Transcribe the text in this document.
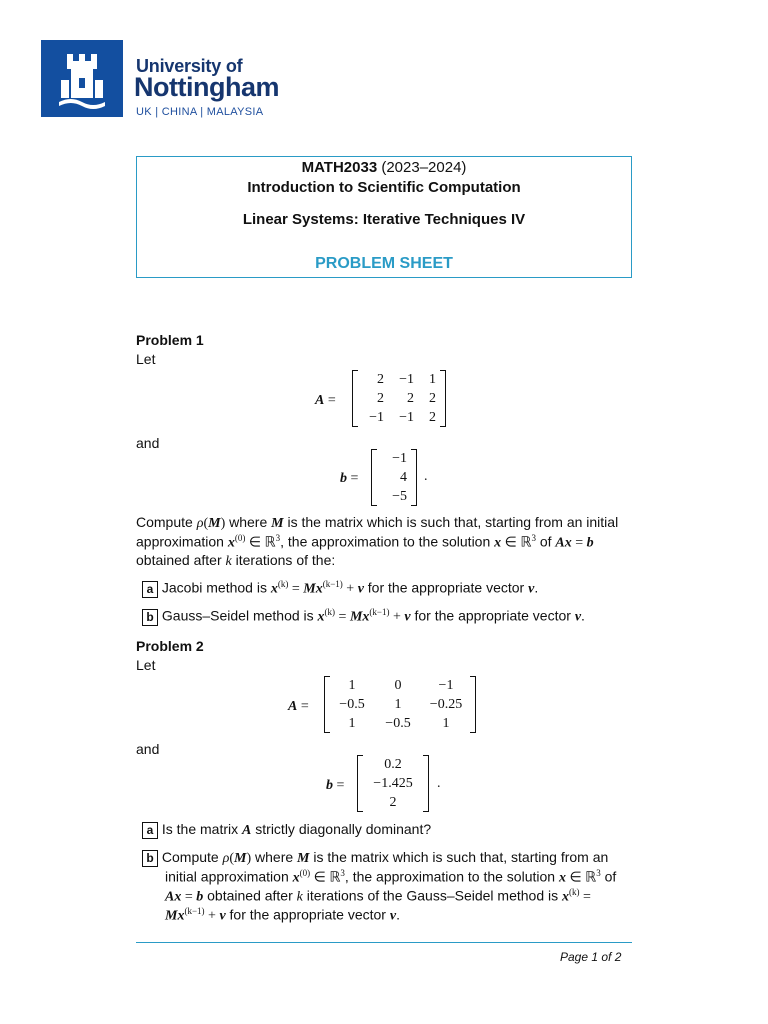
University of
Nottingham
UK | CHINA | MALAYSIA
MATH2033 (2023–2024)
Introduction to Scientific Computation
Linear Systems: Iterative Techniques IV
PROBLEM SHEET
Problem 1
Let
A =
2	−1	1
2	2	2
−1	−1	2
and
b =
−1
4
−5
.
Compute ρ(M) where M is the matrix which is such that, starting from an initial
approximation $x^{(0)}$ ∈ ℝ$^3$, the approximation to the solution x ∈ ℝ$^3$ of Ax = b
obtained after k iterations of the:
a Jacobi method is $x^{(k)} = Mx^{(k-1)} + v$ for the appropriate vector v.
b Gauss–Seidel method is $x^{(k)} = Mx^{(k-1)} + v$ for the appropriate vector v.
Problem 2
Let
A =
1	0	−1
−0.5	1	−0.25
1	−0.5	1
and
b =
0.2
−1.425
2
.
a Is the matrix A strictly diagonally dominant?
b Compute ρ(M) where M is the matrix which is such that, starting from an
initial approximation $x^{(0)}$ ∈ ℝ$^3$, the approximation to the solution x ∈ ℝ$^3$ of
Ax = b obtained after k iterations of the Gauss–Seidel method is $x^{(k)}$ =
$Mx^{(k-1)} + v$ for the appropriate vector v.
Page 1 of 2
